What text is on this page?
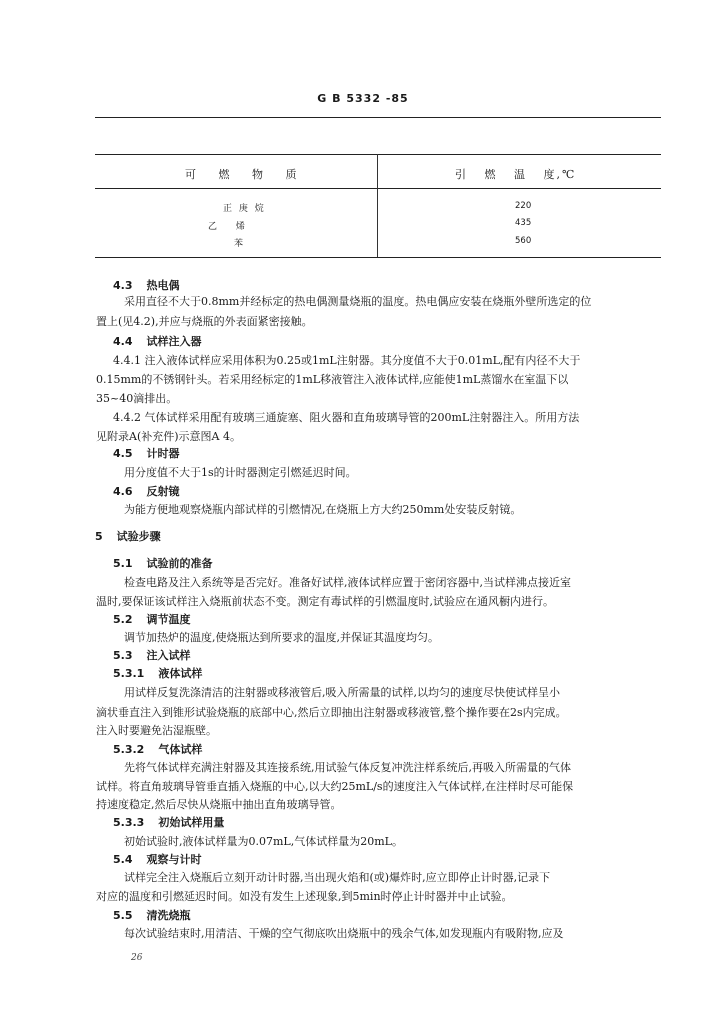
G B 5332 -85
可   燃   物   质	引   燃   温   度,℃
正 庚 烷
乙 烯
苯
220
435
560
4.3 热电偶
采用直径不大于0.8mm并经标定的热电偶测量烧瓶的温度。热电偶应安装在烧瓶外壁所选定的位
置上(见4.2),并应与烧瓶的外表面紧密接触。
4.4 试样注入器
4.4.1 注入液体试样应采用体积为0.25或1mL注射器。其分度值不大于0.01mL,配有内径不大于
0.15mm的不锈钢针头。若采用经标定的1mL移液管注入液体试样,应能使1mL蒸馏水在室温下以
35~40滴排出。
4.4.2 气体试样采用配有玻璃三通旋塞、阻火器和直角玻璃导管的200mL注射器注入。所用方法
见附录A(补充件)示意图A 4。
4.5 计时器
用分度值不大于1s的计时器测定引燃延迟时间。
4.6 反射镜
为能方便地观察烧瓶内部试样的引燃情况,在烧瓶上方大约250mm处安装反射镜。
5 试验步骤
5.1 试验前的准备
检查电路及注入系统等是否完好。准备好试样,液体试样应置于密闭容器中,当试样沸点接近室
温时,要保证该试样注入烧瓶前状态不变。测定有毒试样的引燃温度时,试验应在通风橱内进行。
5.2 调节温度
调节加热炉的温度,使烧瓶达到所要求的温度,并保证其温度均匀。
5.3 注入试样
5.3.1 液体试样
用试样反复洗涤清洁的注射器或移液管后,吸入所需量的试样,以均匀的速度尽快使试样呈小
滴状垂直注入到锥形试验烧瓶的底部中心,然后立即抽出注射器或移液管,整个操作要在2s内完成。
注入时要避免沾湿瓶壁。
5.3.2 气体试样
先将气体试样充满注射器及其连接系统,用试验气体反复冲洗注样系统后,再吸入所需量的气体
试样。将直角玻璃导管垂直插入烧瓶的中心,以大约25mL/s的速度注入气体试样,在注样时尽可能保
持速度稳定,然后尽快从烧瓶中抽出直角玻璃导管。
5.3.3 初始试样用量
初始试验时,液体试样量为0.07mL,气体试样量为20mL。
5.4 观察与计时
试样完全注入烧瓶后立刻开动计时器,当出现火焰和(或)爆炸时,应立即停止计时器,记录下
对应的温度和引燃延迟时间。如没有发生上述现象,到5min时停止计时器并中止试验。
5.5 清洗烧瓶
每次试验结束时,用清洁、干燥的空气彻底吹出烧瓶中的残余气体,如发现瓶内有吸附物,应及
26
